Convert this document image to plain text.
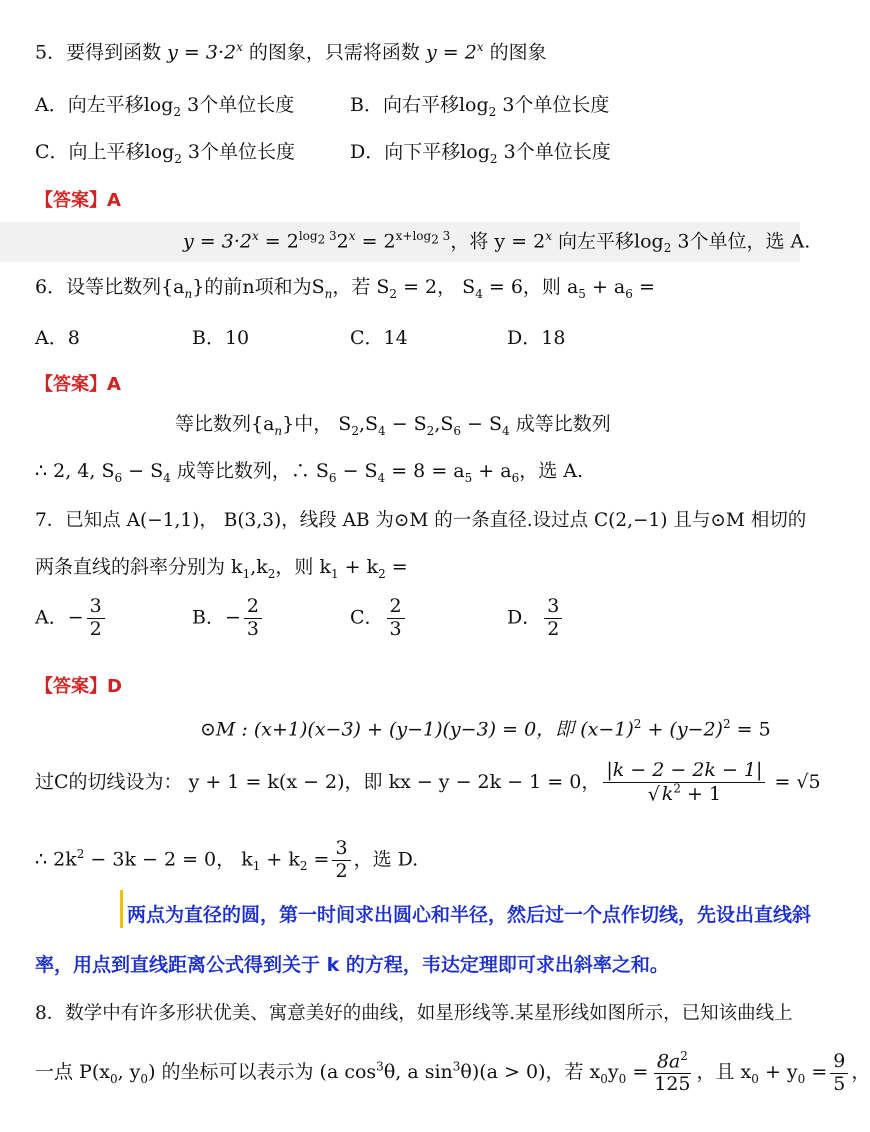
5．要得到函数 $y = 3\cdot 2^x$ 的图象，只需将函数 $y = 2^x$ 的图象
A．向左平移$\log_2 3$个单位长度	B．向右平移$\log_2 3$个单位长度
C．向上平移$\log_2 3$个单位长度	D．向下平移$\log_2 3$个单位长度
【答案】A
$y = 3\cdot 2^x = 2^{log_2 3}2^x = 2^{x+log_2 3}$，将 $y = 2^x$ 向左平移$\log_2 3$个单位，选 A.
6．设等比数列$\{a_n\}$的前n项和为$S_n$，若 $S_2 = 2$， $S_4 = 6$，则 $a_5 + a_6$ =
A．8	B．10	C．14	D．18
【答案】A
等比数列$\{a_n\}$中， $S_2,S_4 - S_2,S_6 - S_4$ 成等比数列
∴ 2, 4, $S_6 - S_4$ 成等比数列，∴ $S_6 - S_4 = 8 = a_5 + a_6$，选 A.
7．已知点 A(−1,1)， B(3,3)，线段 AB 为⊙M 的一条直径.设过点 C(2,−1) 且与⊙M 相切的
两条直线的斜率分别为 $k_1,k_2$，则 $k_1 + k_2$ =
A．− $\frac{3}{2}$	B．− $\frac{2}{3}$	C． $\frac{2}{3}$	D． $\frac{3}{2}$
【答案】D
⊙M : (x+1)(x−3) + (y−1)(y−3) = 0，即 $(x-1)^2 + (y-2)^2 = 5$
过C的切线设为： y + 1 = k(x − 2)，即 kx − y − 2k − 1 = 0， $\frac{|k - 2 - 2k - 1|}{√ k^2 + 1} = √5$
∴ $2k^2 - 3k - 2 = 0$， $k_1 + k_2 = \frac{3}{2}$ ，选 D.
两点为直径的圆，第一时间求出圆心和半径，然后过一个点作切线，先设出直线斜
率，用点到直线距离公式得到关于 k 的方程，韦达定理即可求出斜率之和。
8．数学中有许多形状优美、寓意美好的曲线，如星形线等.某星形线如图所示，已知该曲线上
一点 $P(x_0$, $y_0$) 的坐标可以表示为 (a $\cos^3\theta$, a $\sin^3\theta)(a > 0)$，若 $x_0y_0 = \frac{8a^2}{125}$ ，且 $x_0 + y_0 = \frac{9}{5}$ ，
